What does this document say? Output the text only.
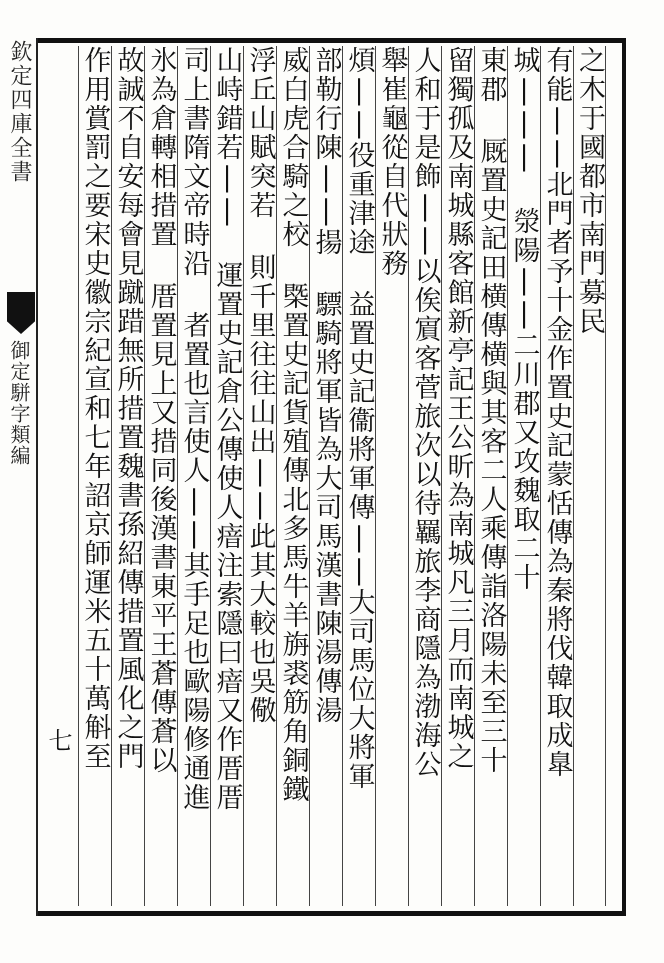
欽定四庫全書
御定駢字類編
七
之木于國都市南門募民
有能||北門者予十金作置史記蒙恬傳為秦將伐韓取成臯
城||| 滎陽||二川郡又攻魏取二十
東郡 厩置史記田横傳横與其客二人乘傳詣洛陽未至三十
留獨孤及南城縣客館新亭記王公昕為南城凡三月而南城之
人和于是飾||以俟賔客菅旅次以待羈旅李商隱為渤海公
舉崔龜從自代狀務
煩||役重津途 益置史記衞將軍傳||大司馬位大將軍
部勒行陳||揚 驃騎將軍皆為大司馬漢書陳湯傳湯
威白虎合騎之校 㮣置史記貨殖傳北多馬牛羊旃裘筋角銅鐵
浮丘山賦突若 則千里往往山出||此其大較也吳儆
山峙錯若|| 運置史記倉公傳使人瘖注索隱曰瘖又作厝厝
司上書隋文帝時沿 者置也言使人||其手足也歐陽修通進
氷為倉轉相措置 厝置見上又措同後漢書東平王蒼傳蒼以
故誠不自安每會見蹴踖無所措置魏書孫紹傳措置風化之門
作用賞罰之要宋史徽宗紀宣和七年詔京師運米五十萬斛至
